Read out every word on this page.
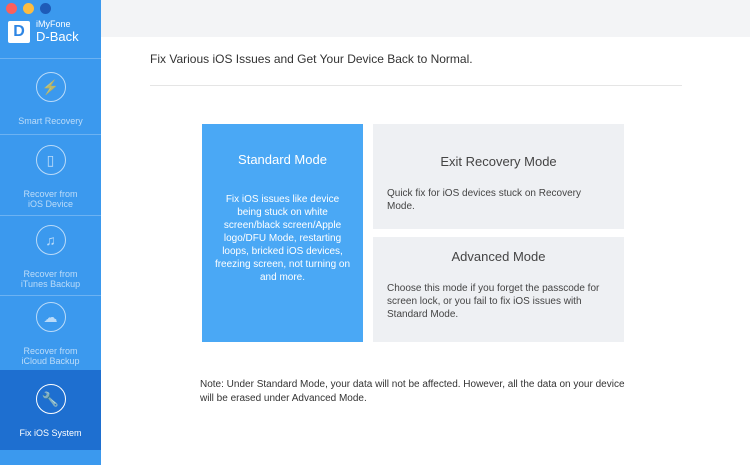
D	iMyFone
D-Back
⚡
Smart Recovery
▯
Recover from iOS Device
♫
Recover from iTunes Backup
☁
Recover from iCloud Backup
🔧
Fix iOS System
Fix Various iOS Issues and Get Your Device Back to Normal.
Standard Mode
Fix iOS issues like device being stuck on white screen/black screen/Apple logo/DFU Mode, restarting loops, bricked iOS devices, freezing screen, not turning on and more.
Exit Recovery Mode
Quick fix for iOS devices stuck on Recovery Mode.
Advanced Mode
Choose this mode if you forget the passcode for screen lock, or you fail to fix iOS issues with Standard Mode.
Note: Under Standard Mode, your data will not be affected. However, all the data on your device will be erased under Advanced Mode.
